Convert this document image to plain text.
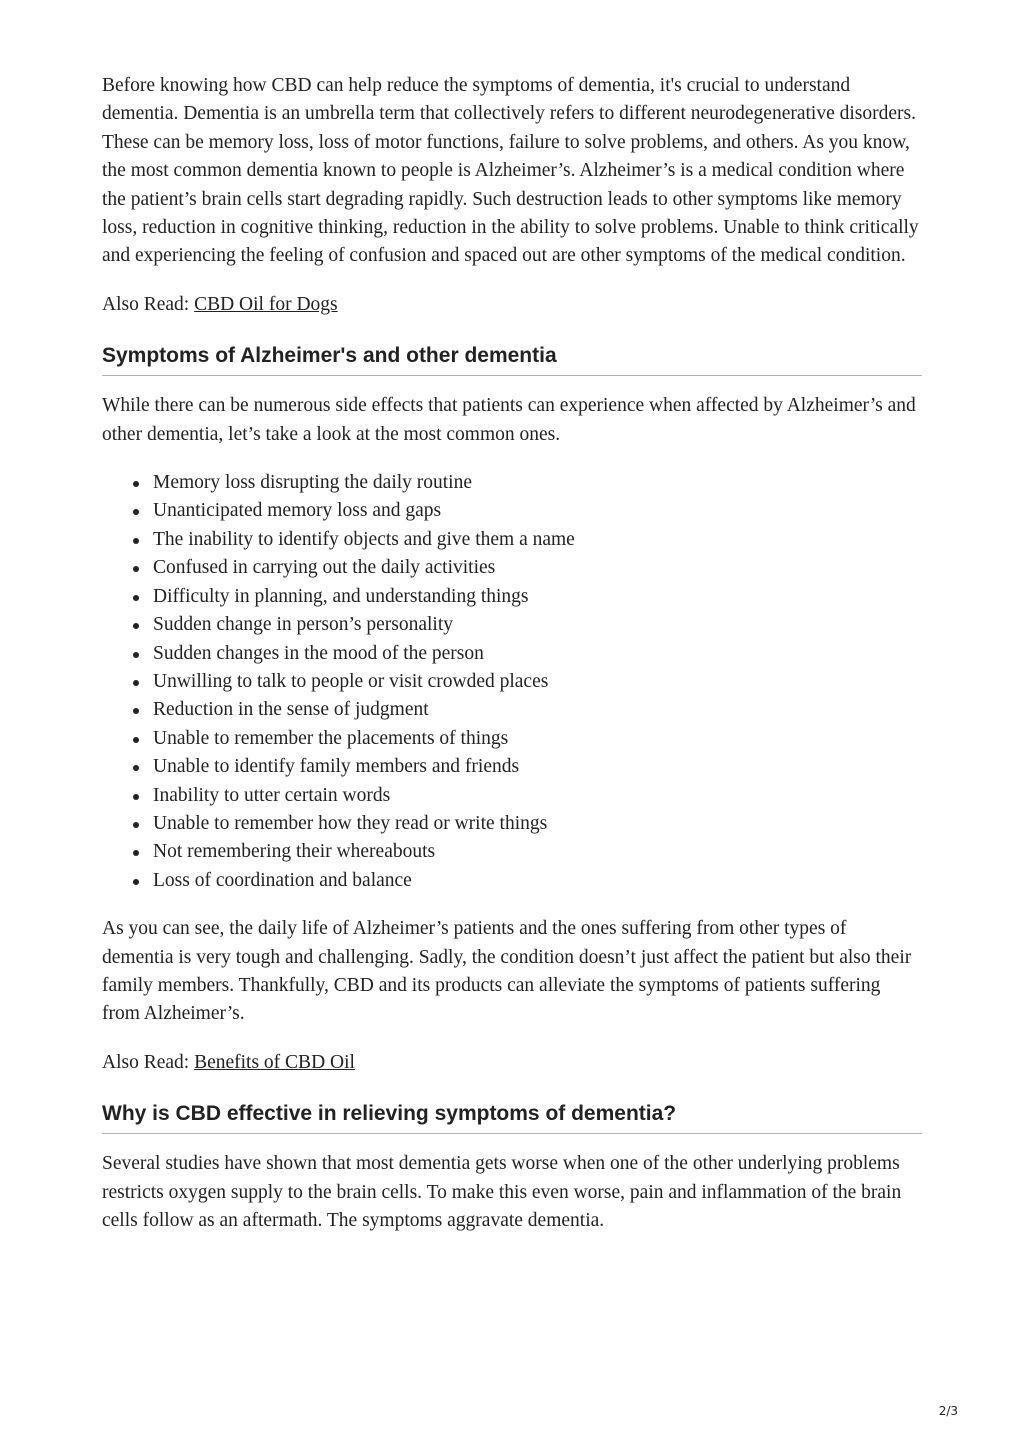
Before knowing how CBD can help reduce the symptoms of dementia, it's crucial to understand dementia. Dementia is an umbrella term that collectively refers to different neurodegenerative disorders. These can be memory loss, loss of motor functions, failure to solve problems, and others. As you know, the most common dementia known to people is Alzheimer’s. Alzheimer’s is a medical condition where the patient’s brain cells start degrading rapidly. Such destruction leads to other symptoms like memory loss, reduction in cognitive thinking, reduction in the ability to solve problems. Unable to think critically and experiencing the feeling of confusion and spaced out are other symptoms of the medical condition.

Also Read: CBD Oil for Dogs

Symptoms of Alzheimer's and other dementia

While there can be numerous side effects that patients can experience when affected by Alzheimer’s and other dementia, let’s take a look at the most common ones.

Memory loss disrupting the daily routine
Unanticipated memory loss and gaps
The inability to identify objects and give them a name
Confused in carrying out the daily activities
Difficulty in planning, and understanding things
Sudden change in person’s personality
Sudden changes in the mood of the person
Unwilling to talk to people or visit crowded places
Reduction in the sense of judgment
Unable to remember the placements of things
Unable to identify family members and friends
Inability to utter certain words
Unable to remember how they read or write things
Not remembering their whereabouts
Loss of coordination and balance

As you can see, the daily life of Alzheimer’s patients and the ones suffering from other types of dementia is very tough and challenging. Sadly, the condition doesn’t just affect the patient but also their family members. Thankfully, CBD and its products can alleviate the symptoms of patients suffering from Alzheimer’s.

Also Read: Benefits of CBD Oil

Why is CBD effective in relieving symptoms of dementia?

Several studies have shown that most dementia gets worse when one of the other underlying problems restricts oxygen supply to the brain cells. To make this even worse, pain and inflammation of the brain cells follow as an aftermath. The symptoms aggravate dementia.

2/3
